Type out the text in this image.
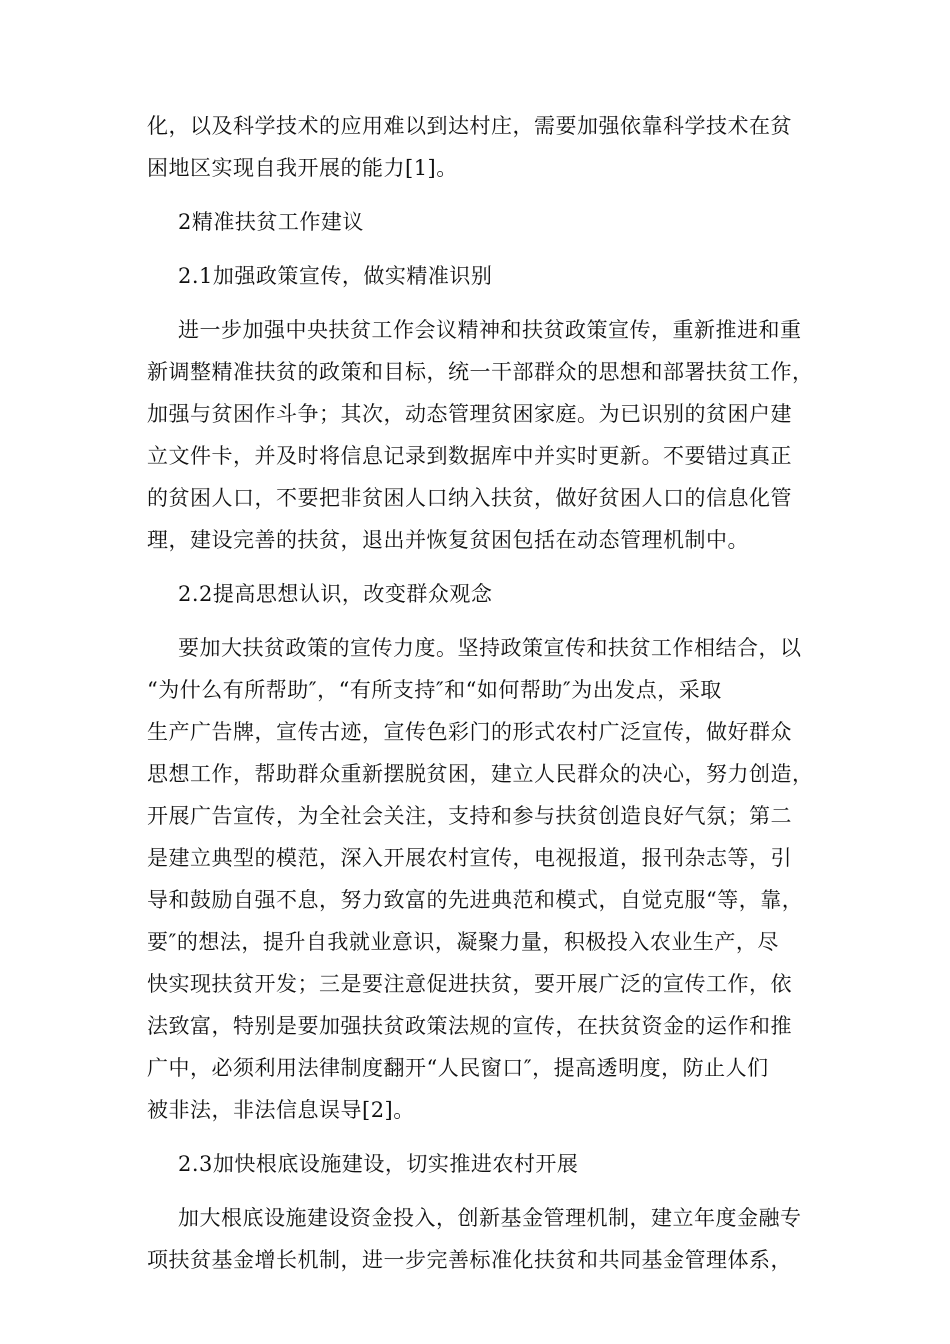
化，以及科学技术的应用难以到达村庄，需要加强依靠科学技术在贫
困地区实现自我开展的能力[1]。
2精准扶贫工作建议
2.1加强政策宣传，做实精准识别
进一步加强中央扶贫工作会议精神和扶贫政策宣传，重新推进和重
新调整精准扶贫的政策和目标，统一干部群众的思想和部署扶贫工作，
加强与贫困作斗争；其次，动态管理贫困家庭。为已识别的贫困户建
立文件卡，并及时将信息记录到数据库中并实时更新。不要错过真正
的贫困人口，不要把非贫困人口纳入扶贫，做好贫困人口的信息化管
理，建设完善的扶贫，退出并恢复贫困包括在动态管理机制中。
2.2提高思想认识，改变群众观念
要加大扶贫政策的宣传力度。坚持政策宣传和扶贫工作相结合，以
“为什么有所帮助″，“有所支持″和“如何帮助″为出发点，采取
生产广告牌，宣传古迹，宣传色彩门的形式农村广泛宣传，做好群众
思想工作，帮助群众重新摆脱贫困，建立人民群众的决心，努力创造，
开展广告宣传，为全社会关注，支持和参与扶贫创造良好气氛；第二
是建立典型的模范，深入开展农村宣传，电视报道，报刊杂志等，引
导和鼓励自强不息，努力致富的先进典范和模式，自觉克服“等，靠，
要″的想法，提升自我就业意识，凝聚力量，积极投入农业生产，尽
快实现扶贫开发；三是要注意促进扶贫，要开展广泛的宣传工作，依
法致富，特别是要加强扶贫政策法规的宣传，在扶贫资金的运作和推
广中，必须利用法律制度翻开“人民窗口″，提高透明度，防止人们
被非法，非法信息误导[2]。
2.3加快根底设施建设，切实推进农村开展
加大根底设施建设资金投入，创新基金管理机制，建立年度金融专
项扶贫基金增长机制，进一步完善标准化扶贫和共同基金管理体系，
